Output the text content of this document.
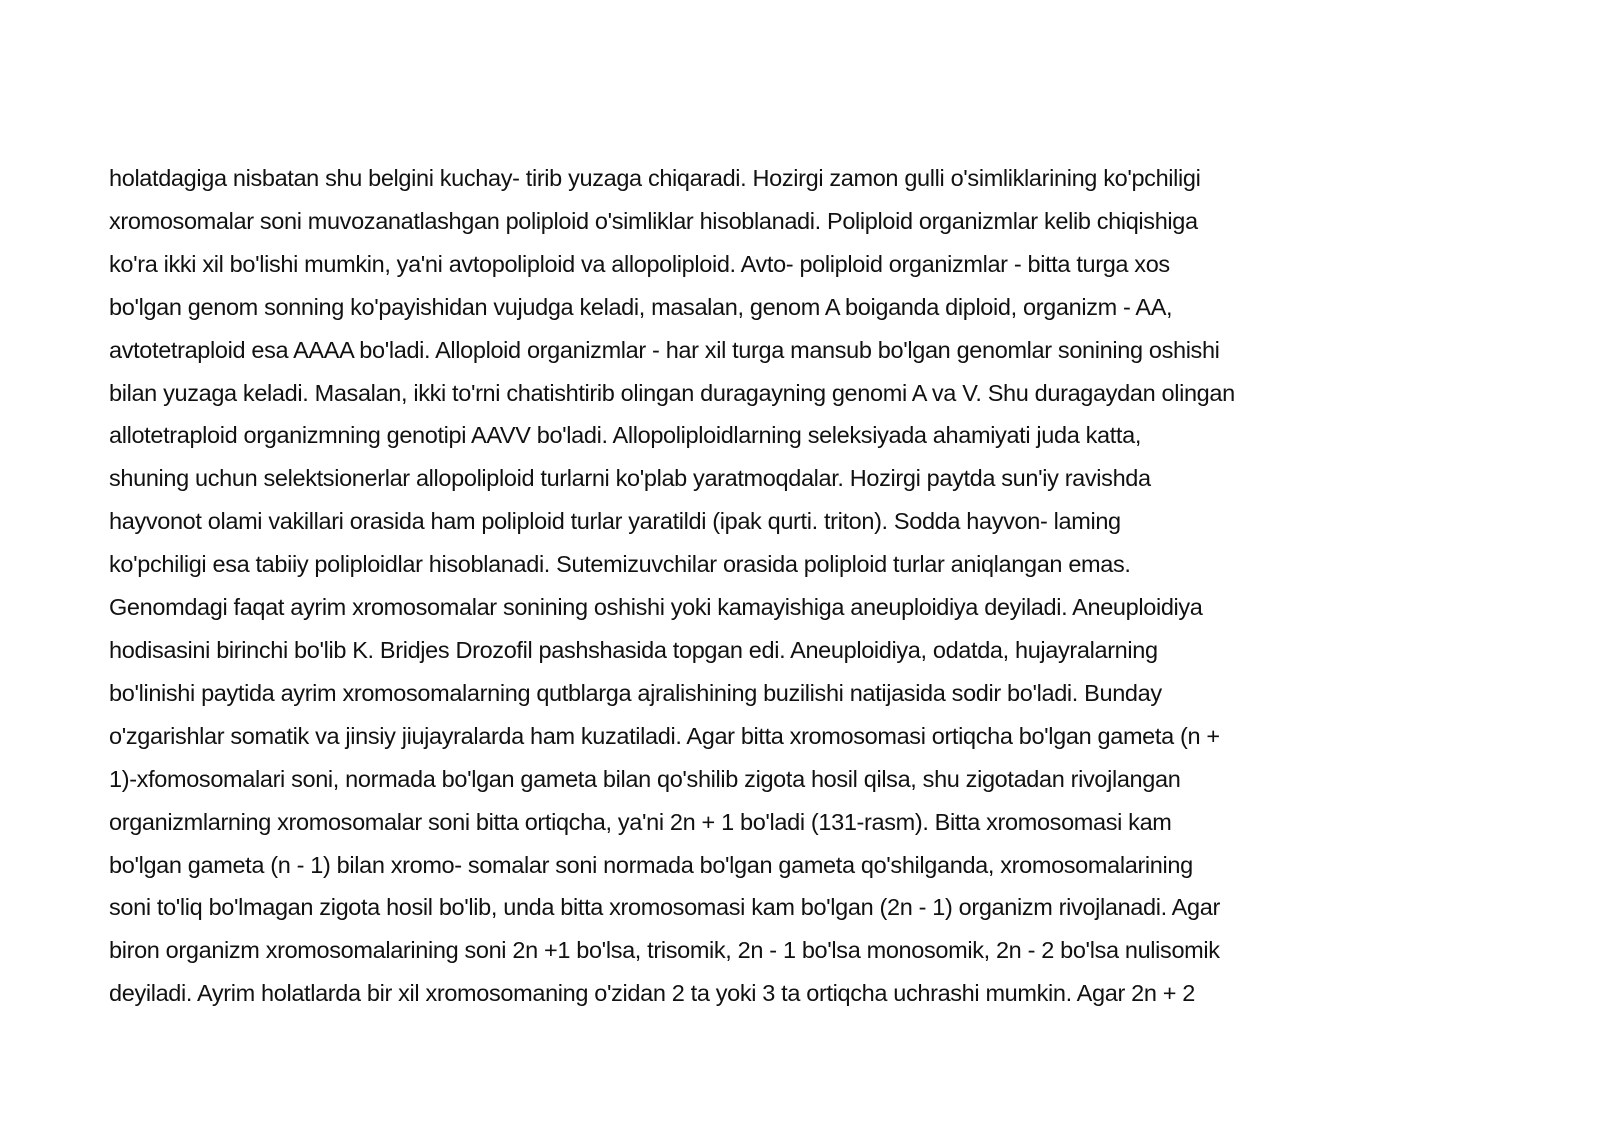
holatdagiga nisbatan shu belgini kuchay- tirib yuzaga chiqaradi. Hozirgi zamon gulli o'simliklarining ko'pchiligi
xromosomalar soni muvozanatlashgan poliploid o'simliklar hisoblanadi. Poliploid organizmlar kelib chiqishiga
ko'ra ikki xil bo'lishi mumkin, ya'ni avtopoliploid va allopoliploid. Avto- poliploid organizmlar - bitta turga xos
bo'lgan genom sonning ko'payishidan vujudga keladi, masalan, genom A boiganda diploid, organizm - AA,
avtotetraploid esa AAAA bo'ladi. Alloploid organizmlar - har xil turga mansub bo'lgan genomlar sonining oshishi
bilan yuzaga keladi. Masalan, ikki to'rni chatishtirib olingan duragayning genomi A va V. Shu duragaydan olingan
allotetraploid organizmning genotipi AAVV bo'ladi. Allopoliploidlarning seleksiyada ahamiyati juda katta,
shuning uchun selektsionerlar allopoliploid turlarni ko'plab yaratmoqdalar. Hozirgi paytda sun'iy ravishda
hayvonot olami vakillari orasida ham poliploid turlar yaratildi (ipak qurti. triton). Sodda hayvon- laming
ko'pchiligi esa tabiiy poliploidlar hisoblanadi. Sutemizuvchilar orasida poliploid turlar aniqlangan emas.
Genomdagi faqat ayrim xromosomalar sonining oshishi yoki kamayishiga aneuploidiya deyiladi. Aneuploidiya
hodisasini birinchi bo'lib K. Bridjes Drozofil pashshasida topgan edi. Aneuploidiya, odatda, hujayralarning
bo'linishi paytida ayrim xromosomalarning qutblarga ajralishining buzilishi natijasida sodir bo'ladi. Bunday
o'zgarishlar somatik va jinsiy jiujayralarda ham kuzatiladi. Agar bitta xromosomasi ortiqcha bo'lgan gameta (n +
1)-xfomosomalari soni, normada bo'lgan gameta bilan qo'shilib zigota hosil qilsa, shu zigotadan rivojlangan
organizmlarning xromosomalar soni bitta ortiqcha, ya'ni 2n + 1 bo'ladi (131-rasm). Bitta xromosomasi kam
bo'lgan gameta (n - 1) bilan xromo- somalar soni normada bo'lgan gameta qo'shilganda, xromosomalarining
soni to'liq bo'lmagan zigota hosil bo'lib, unda bitta xromosomasi kam bo'lgan (2n - 1) organizm rivojlanadi. Agar
biron organizm xromosomalarining soni 2n +1 bo'lsa, trisomik, 2n - 1 bo'lsa monosomik, 2n - 2 bo'lsa nulisomik
deyiladi. Ayrim holatlarda bir xil xromosomaning o'zidan 2 ta yoki 3 ta ortiqcha uchrashi mumkin. Agar 2n + 2
